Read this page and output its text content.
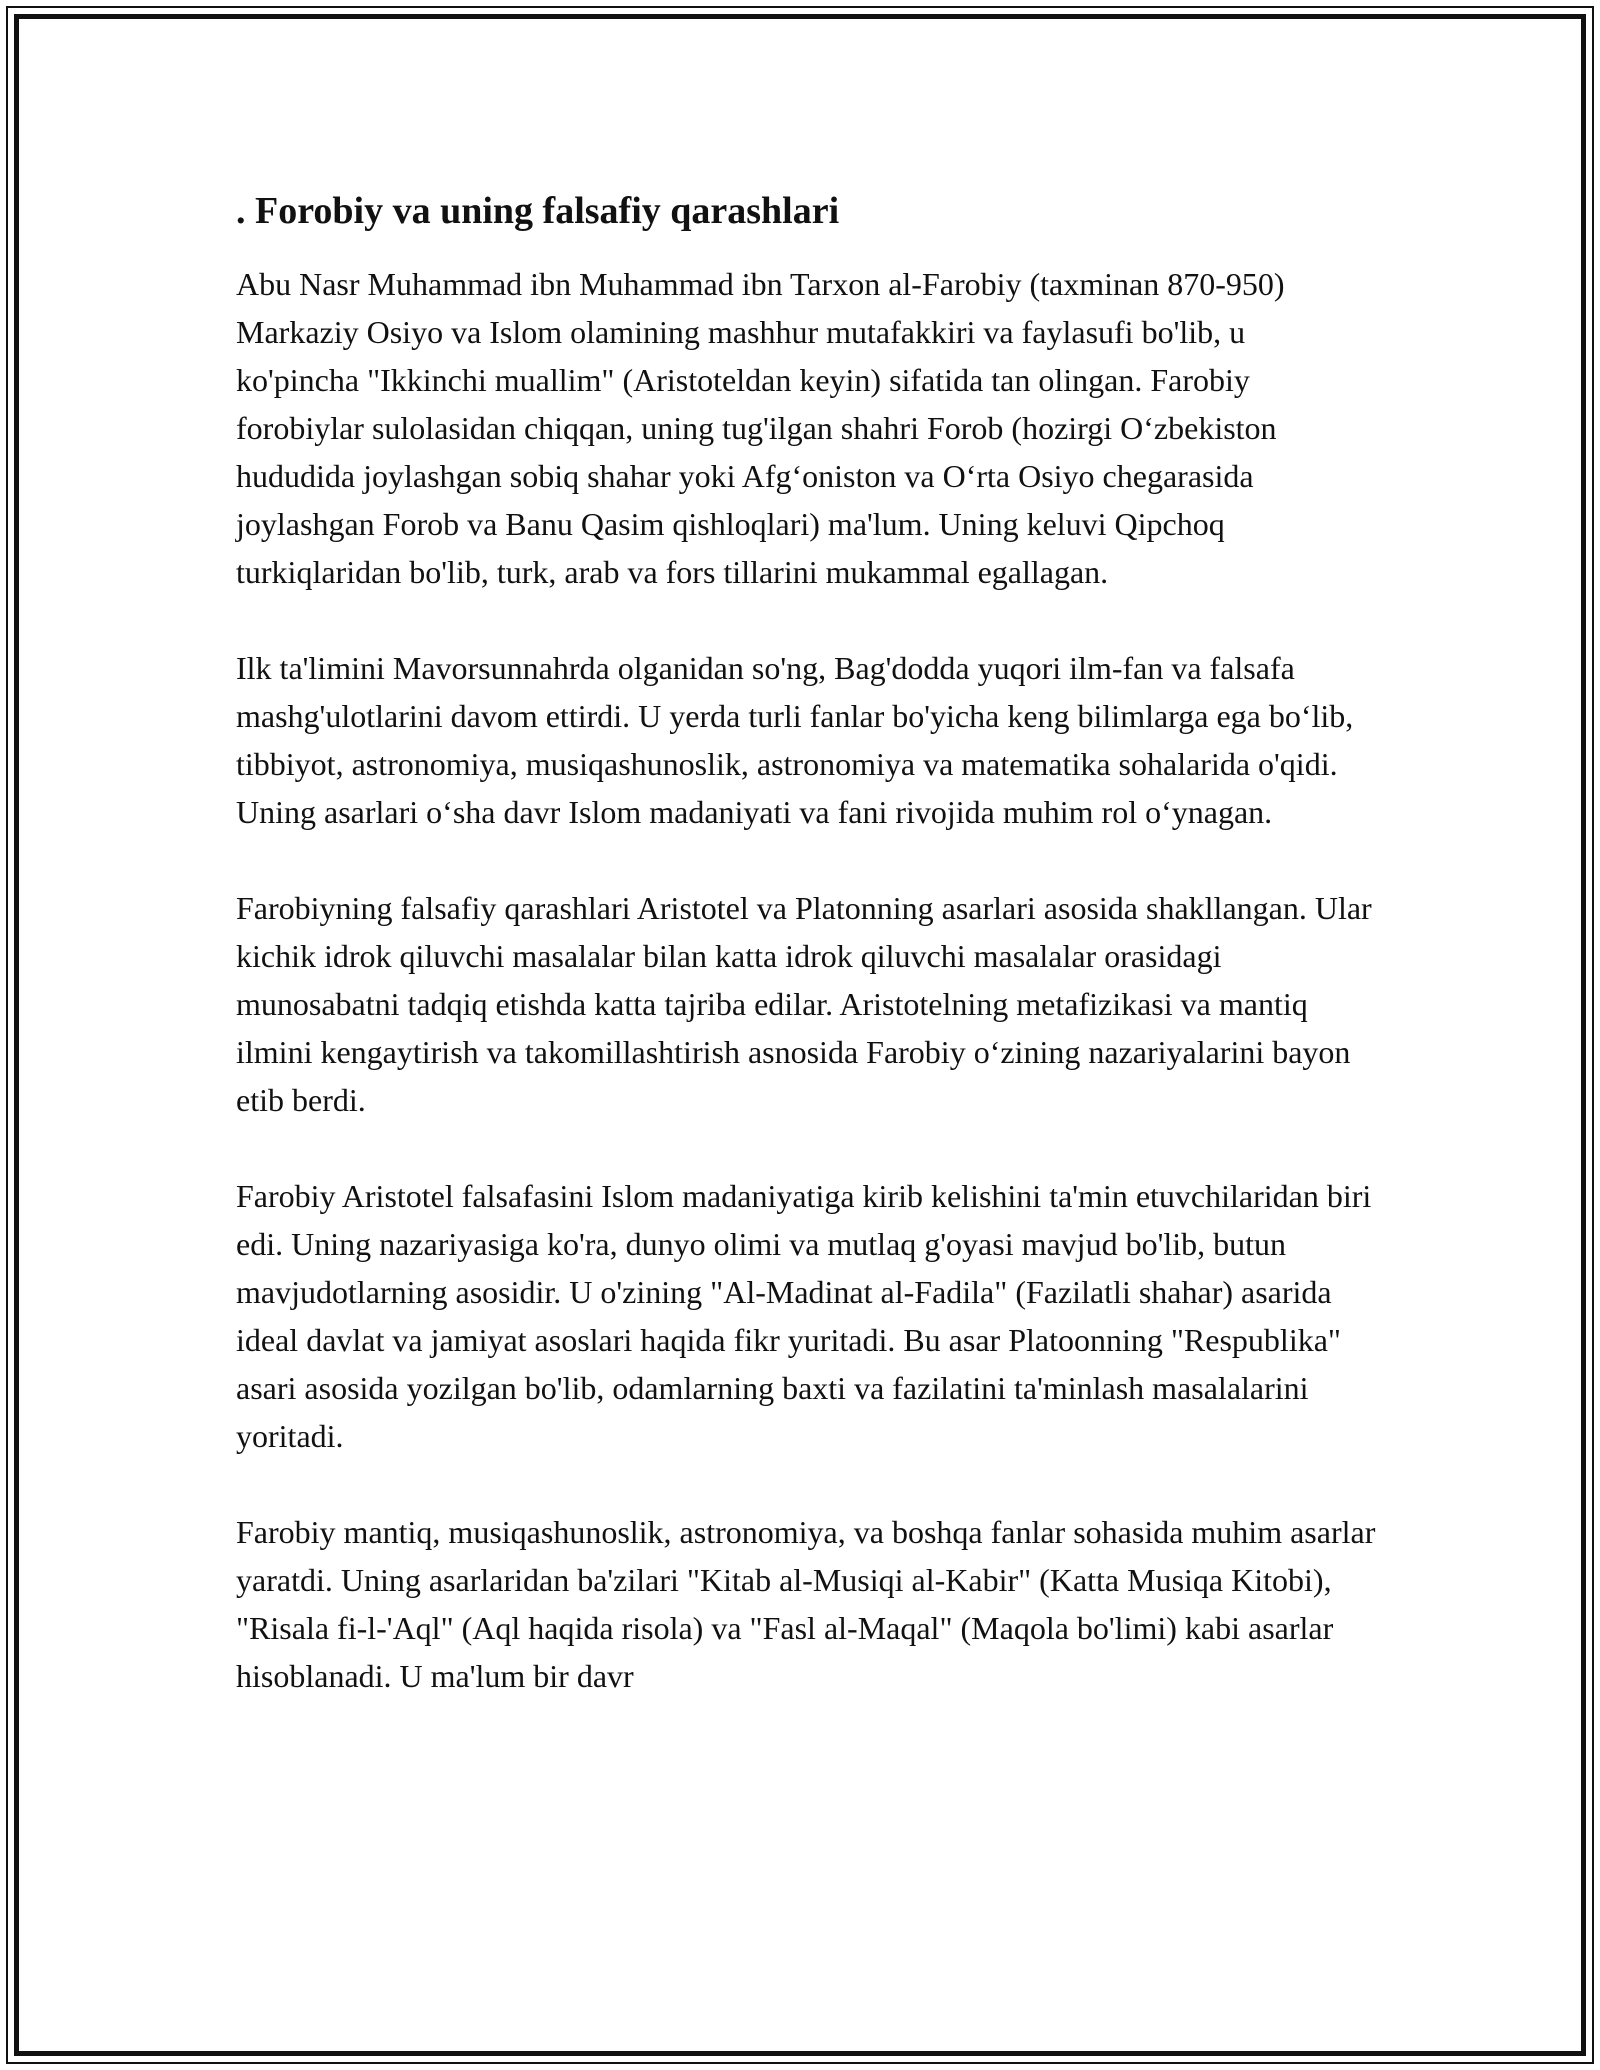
. Forobiy va uning falsafiy qarashlari

Abu Nasr Muhammad ibn Muhammad ibn Tarxon al-Farobiy (taxminan 870-950) Markaziy Osiyo va Islom olamining mashhur mutafakkiri va faylasufi bo'lib, u ko'pincha "Ikkinchi muallim" (Aristoteldan keyin) sifatida tan olingan. Farobiy forobiylar sulolasidan chiqqan, uning tug'ilgan shahri Forob (hozirgi Oʻzbekiston hududida joylashgan sobiq shahar yoki Afgʻoniston va Oʻrta Osiyo chegarasida joylashgan Forob va Banu Qasim qishloqlari) ma'lum. Uning keluvi Qipchoq turkiqlaridan bo'lib, turk, arab va fors tillarini mukammal egallagan.

Ilk ta'limini Mavorsunnahrda olganidan so'ng, Bag'dodda yuqori ilm-fan va falsafa mashg'ulotlarini davom ettirdi. U yerda turli fanlar bo'yicha keng bilimlarga ega boʻlib, tibbiyot, astronomiya, musiqashunoslik, astronomiya va matematika sohalarida o'qidi. Uning asarlari oʻsha davr Islom madaniyati va fani rivojida muhim rol oʻynagan.

Farobiyning falsafiy qarashlari Aristotel va Platonning asarlari asosida shakllangan. Ular kichik idrok qiluvchi masalalar bilan katta idrok qiluvchi masalalar orasidagi munosabatni tadqiq etishda katta tajriba edilar. Aristotelning metafizikasi va mantiq ilmini kengaytirish va takomillashtirish asnosida Farobiy oʻzining nazariyalarini bayon etib berdi.

Farobiy Aristotel falsafasini Islom madaniyatiga kirib kelishini ta'min etuvchilaridan biri edi. Uning nazariyasiga ko'ra, dunyo olimi va mutlaq g'oyasi mavjud bo'lib, butun mavjudotlarning asosidir. U o'zining "Al-Madinat al-Fadila" (Fazilatli shahar) asarida ideal davlat va jamiyat asoslari haqida fikr yuritadi. Bu asar Platoonning "Respublika" asari asosida yozilgan bo'lib, odamlarning baxti va fazilatini ta'minlash masalalarini yoritadi.

Farobiy mantiq, musiqashunoslik, astronomiya, va boshqa fanlar sohasida muhim asarlar yaratdi. Uning asarlaridan ba'zilari "Kitab al-Musiqi al-Kabir" (Katta Musiqa Kitobi), "Risala fi-l-'Aql" (Aql haqida risola) va "Fasl al-Maqal" (Maqola bo'limi) kabi asarlar hisoblanadi. U ma'lum bir davr
